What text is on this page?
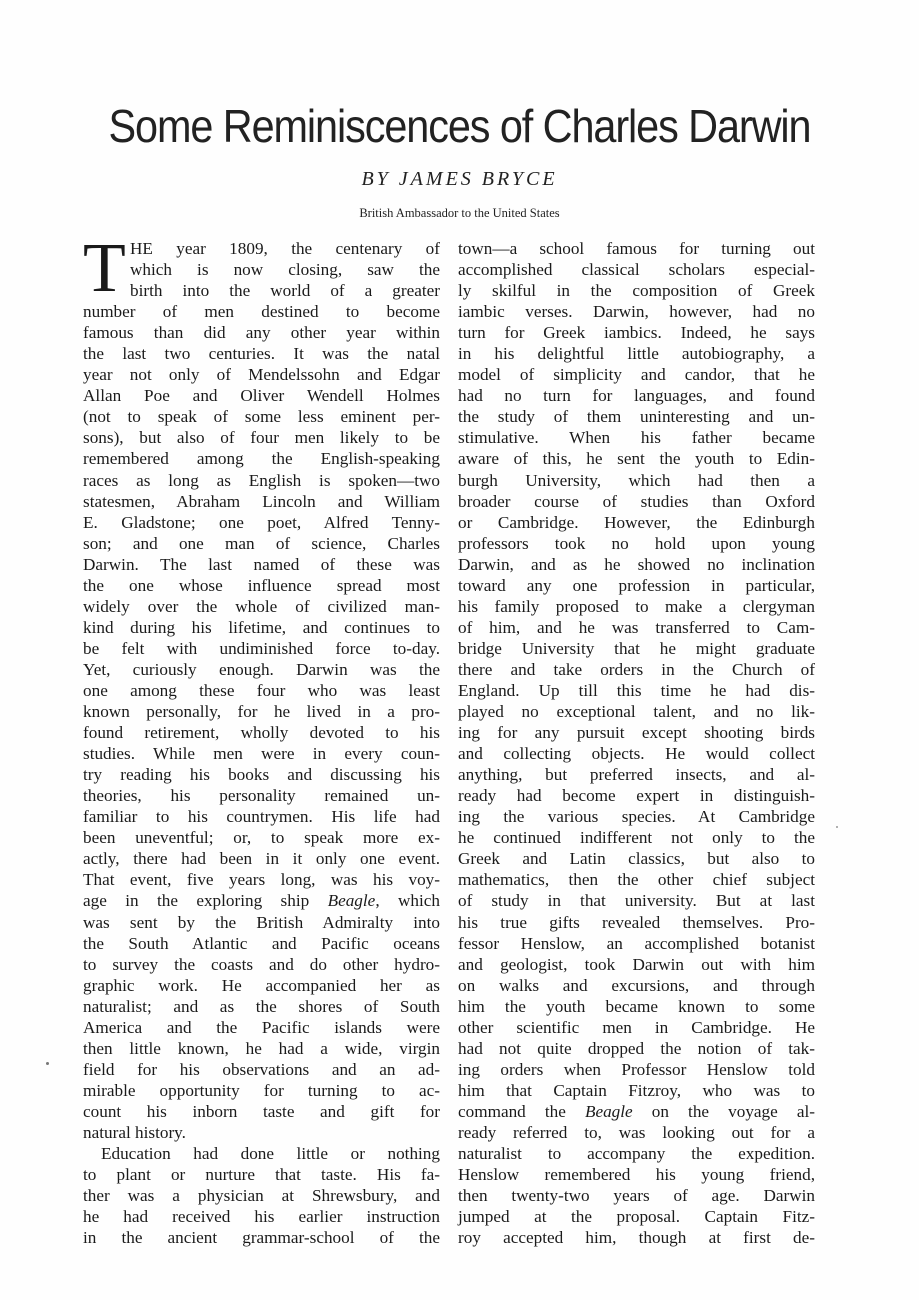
Some Reminiscences of Charles Darwin
BY JAMES BRYCE
British Ambassador to the United States
T HE year 1809, the centenary of
which is now closing, saw the
birth into the world of a greater
number of men destined to become
famous than did any other year within
the last two centuries. It was the natal
year not only of Mendelssohn and Edgar
Allan Poe and Oliver Wendell Holmes
(not to speak of some less eminent per-
sons), but also of four men likely to be
remembered among the English-speaking
races as long as English is spoken—two
statesmen, Abraham Lincoln and William
E. Gladstone; one poet, Alfred Tenny-
son; and one man of science, Charles
Darwin. The last named of these was
the one whose influence spread most
widely over the whole of civilized man-
kind during his lifetime, and continues to
be felt with undiminished force to-day.
Yet, curiously enough. Darwin was the
one among these four who was least
known personally, for he lived in a pro-
found retirement, wholly devoted to his
studies. While men were in every coun-
try reading his books and discussing his
theories, his personality remained un-
familiar to his countrymen. His life had
been uneventful; or, to speak more ex-
actly, there had been in it only one event.
That event, five years long, was his voy-
age in the exploring ship Beagle, which
was sent by the British Admiralty into
the South Atlantic and Pacific oceans
to survey the coasts and do other hydro-
graphic work. He accompanied her as
naturalist; and as the shores of South
America and the Pacific islands were
then little known, he had a wide, virgin
field for his observations and an ad-
mirable opportunity for turning to ac-
count his inborn taste and gift for
natural history.
Education had done little or nothing
to plant or nurture that taste. His fa-
ther was a physician at Shrewsbury, and
he had received his earlier instruction
in the ancient grammar-school of the
town—a school famous for turning out
accomplished classical scholars especial-
ly skilful in the composition of Greek
iambic verses. Darwin, however, had no
turn for Greek iambics. Indeed, he says
in his delightful little autobiography, a
model of simplicity and candor, that he
had no turn for languages, and found
the study of them uninteresting and un-
stimulative. When his father became
aware of this, he sent the youth to Edin-
burgh University, which had then a
broader course of studies than Oxford
or Cambridge. However, the Edinburgh
professors took no hold upon young
Darwin, and as he showed no inclination
toward any one profession in particular,
his family proposed to make a clergyman
of him, and he was transferred to Cam-
bridge University that he might graduate
there and take orders in the Church of
England. Up till this time he had dis-
played no exceptional talent, and no lik-
ing for any pursuit except shooting birds
and collecting objects. He would collect
anything, but preferred insects, and al-
ready had become expert in distinguish-
ing the various species. At Cambridge
he continued indifferent not only to the
Greek and Latin classics, but also to
mathematics, then the other chief subject
of study in that university. But at last
his true gifts revealed themselves. Pro-
fessor Henslow, an accomplished botanist
and geologist, took Darwin out with him
on walks and excursions, and through
him the youth became known to some
other scientific men in Cambridge. He
had not quite dropped the notion of tak-
ing orders when Professor Henslow told
him that Captain Fitzroy, who was to
command the Beagle on the voyage al-
ready referred to, was looking out for a
naturalist to accompany the expedition.
Henslow remembered his young friend,
then twenty-two years of age. Darwin
jumped at the proposal. Captain Fitz-
roy accepted him, though at first de-
